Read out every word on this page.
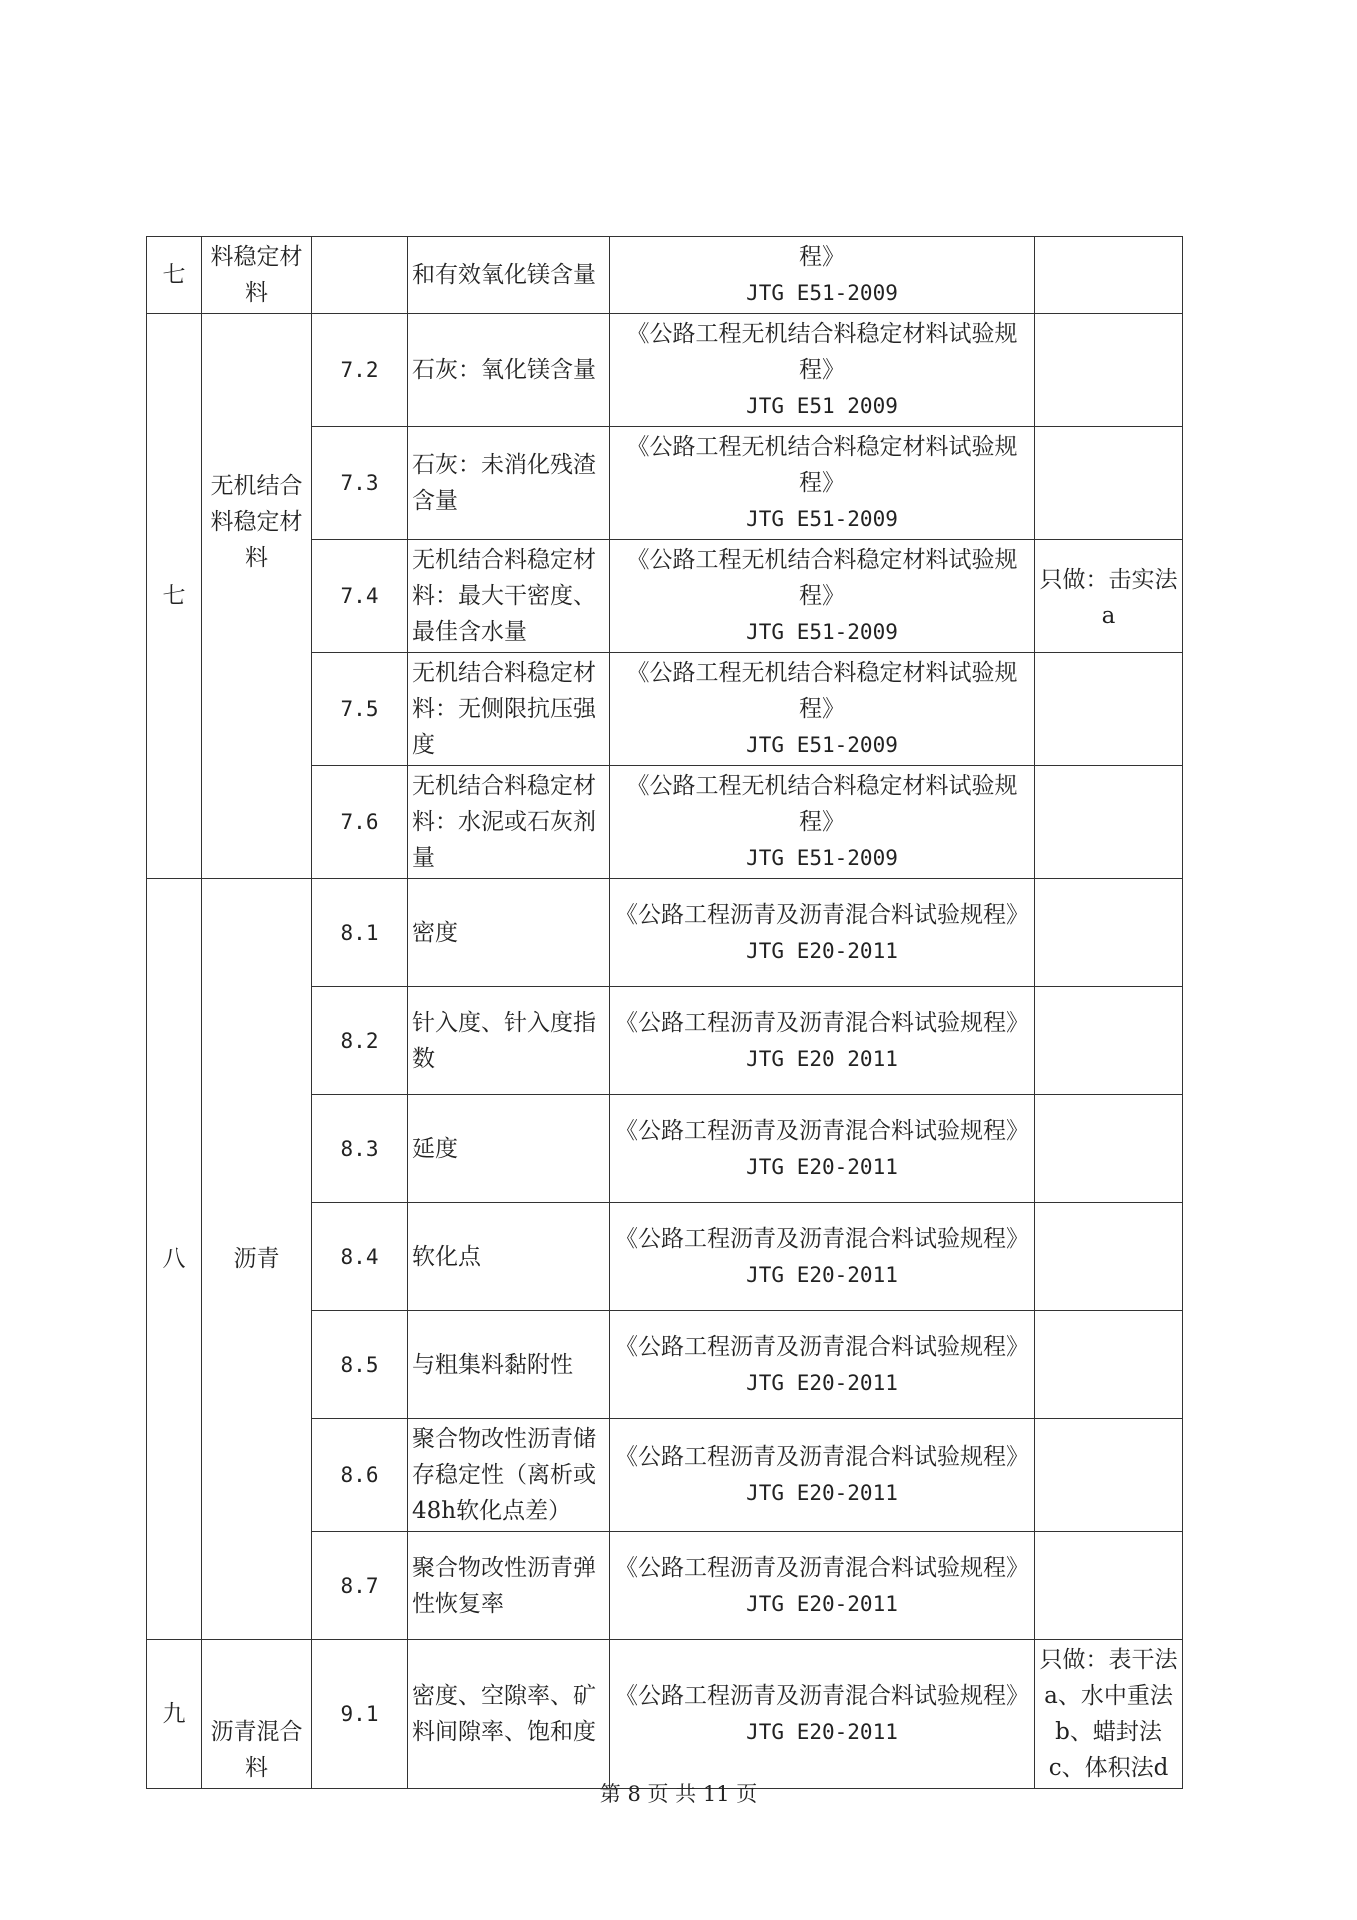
七	料稳定材料		和有效氧化镁含量	程》
JTG E51-2009	

七	无机结合料稳定材料	7.2	石灰：氧化镁含量	《公路工程无机结合料稳定材料试验规程》
JTG E51 2009	

		7.3	石灰：未消化残渣含量	《公路工程无机结合料稳定材料试验规程》
JTG E51-2009	

		7.4	无机结合料稳定材料：最大干密度、最佳含水量	《公路工程无机结合料稳定材料试验规程》
JTG E51-2009	只做：击实法a
		7.5	无机结合料稳定材料：无侧限抗压强度	《公路工程无机结合料稳定材料试验规程》
JTG E51-2009	

		7.6	无机结合料稳定材料：水泥或石灰剂量	《公路工程无机结合料稳定材料试验规程》
JTG E51-2009	

八	沥青	8.1	密度	《公路工程沥青及沥青混合料试验规程》
JTG E20-2011	

		8.2	针入度、针入度指数	《公路工程沥青及沥青混合料试验规程》
JTG E20 2011	

		8.3	延度	《公路工程沥青及沥青混合料试验规程》
JTG E20-2011	

		8.4	软化点	《公路工程沥青及沥青混合料试验规程》
JTG E20-2011	

		8.5	与粗集料黏附性	《公路工程沥青及沥青混合料试验规程》
JTG E20-2011	

		8.6	聚合物改性沥青储存稳定性（离析或48h软化点差）	《公路工程沥青及沥青混合料试验规程》
JTG E20-2011	

		8.7	聚合物改性沥青弹性恢复率	《公路工程沥青及沥青混合料试验规程》
JTG E20-2011	

九	沥青混合料	9.1	密度、空隙率、矿料间隙率、饱和度	《公路工程沥青及沥青混合料试验规程》
JTG E20-2011	只做：表干法a、水中重法b、蜡封法c、体积法d
第 8 页 共 11 页
